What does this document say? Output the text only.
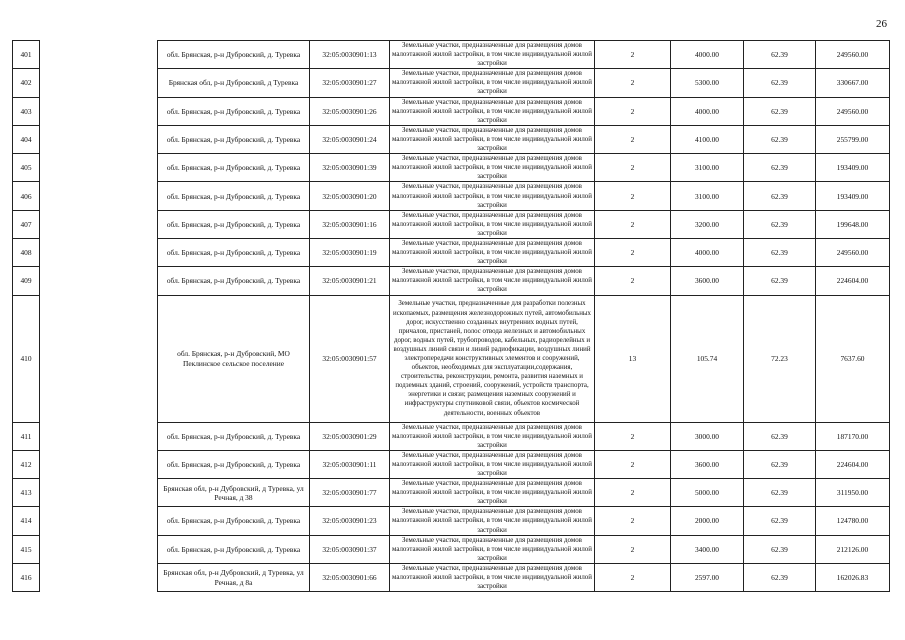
26
401		обл. Брянская, р-н Дубровский, д. Туревка	32:05:0030901:13	Земельные участки, предназначенные для размещения домов малоэтажной жилой застройки, в том числе индивидуальной жилой застройки	2	4000.00	62.39	249560.00
402		Брянская обл, р-н Дубровский, д Туревка	32:05:0030901:27	Земельные участки, предназначенные для размещения домов малоэтажной жилой застройки, в том числе индивидуальной жилой застройки	2	5300.00	62.39	330667.00
403		обл. Брянская, р-н Дубровский, д. Туревка	32:05:0030901:26	Земельные участки, предназначенные для размещения домов малоэтажной жилой застройки, в том числе индивидуальной жилой застройки	2	4000.00	62.39	249560.00
404		обл. Брянская, р-н Дубровский, д. Туревка	32:05:0030901:24	Земельные участки, предназначенные для размещения домов малоэтажной жилой застройки, в том числе индивидуальной жилой застройки	2	4100.00	62.39	255799.00
405		обл. Брянская, р-н Дубровский, д. Туревка	32:05:0030901:39	Земельные участки, предназначенные для размещения домов малоэтажной жилой застройки, в том числе индивидуальной жилой застройки	2	3100.00	62.39	193409.00
406		обл. Брянская, р-н Дубровский, д. Туревка	32:05:0030901:20	Земельные участки, предназначенные для размещения домов малоэтажной жилой застройки, в том числе индивидуальной жилой застройки	2	3100.00	62.39	193409.00
407		обл. Брянская, р-н Дубровский, д. Туревка	32:05:0030901:16	Земельные участки, предназначенные для размещения домов малоэтажной жилой застройки, в том числе индивидуальной жилой застройки	2	3200.00	62.39	199648.00
408		обл. Брянская, р-н Дубровский, д. Туревка	32:05:0030901:19	Земельные участки, предназначенные для размещения домов малоэтажной жилой застройки, в том числе индивидуальной жилой застройки	2	4000.00	62.39	249560.00
409		обл. Брянская, р-н Дубровский, д. Туревка	32:05:0030901:21	Земельные участки, предназначенные для размещения домов малоэтажной жилой застройки, в том числе индивидуальной жилой застройки	2	3600.00	62.39	224604.00
410		обл. Брянская, р-н Дубровский, МО Пеклинское сельское поселение	32:05:0030901:57	Земельные участки, предназначенные для разработки полезных ископаемых, размещения железнодорожных путей, автомобильных дорог, искусственно созданных внутренних водных путей, причалов, пристаней, полос отвода железных и автомобильных дорог, водных путей, трубопроводов, кабельных, радиорелейных и воздушных линий связи и линий радиофикации, воздушных линий электропередачи конструктивных элементов и сооружений, объектов, необходимых для эксплуатации,содержания, строительства, реконструкции, ремонта, развития наземных и подземных зданий, строений, сооружений, устройств транспорта, энергетики и связи; размещения наземных сооружений и инфраструктуры спутниковой связи, объектов космической деятельности, военных объектов	13	105.74	72.23	7637.60
411		обл. Брянская, р-н Дубровский, д. Туревка	32:05:0030901:29	Земельные участки, предназначенные для размещения домов малоэтажной жилой застройки, в том числе индивидуальной жилой застройки	2	3000.00	62.39	187170.00
412		обл. Брянская, р-н Дубровский, д. Туревка	32:05:0030901:11	Земельные участки, предназначенные для размещения домов малоэтажной жилой застройки, в том числе индивидуальной жилой застройки	2	3600.00	62.39	224604.00
413		Брянская обл, р-н Дубровский, д Туревка, ул Речная, д 38	32:05:0030901:77	Земельные участки, предназначенные для размещения домов малоэтажной жилой застройки, в том числе индивидуальной жилой застройки	2	5000.00	62.39	311950.00
414		обл. Брянская, р-н Дубровский, д. Туревка	32:05:0030901:23	Земельные участки, предназначенные для размещения домов малоэтажной жилой застройки, в том числе индивидуальной жилой застройки	2	2000.00	62.39	124780.00
415		обл. Брянская, р-н Дубровский, д. Туревка	32:05:0030901:37	Земельные участки, предназначенные для размещения домов малоэтажной жилой застройки, в том числе индивидуальной жилой застройки	2	3400.00	62.39	212126.00
416		Брянская обл, р-н Дубровский, д Туревка, ул Речная, д 8а	32:05:0030901:66	Земельные участки, предназначенные для размещения домов малоэтажной жилой застройки, в том числе индивидуальной жилой застройки	2	2597.00	62.39	162026.83
